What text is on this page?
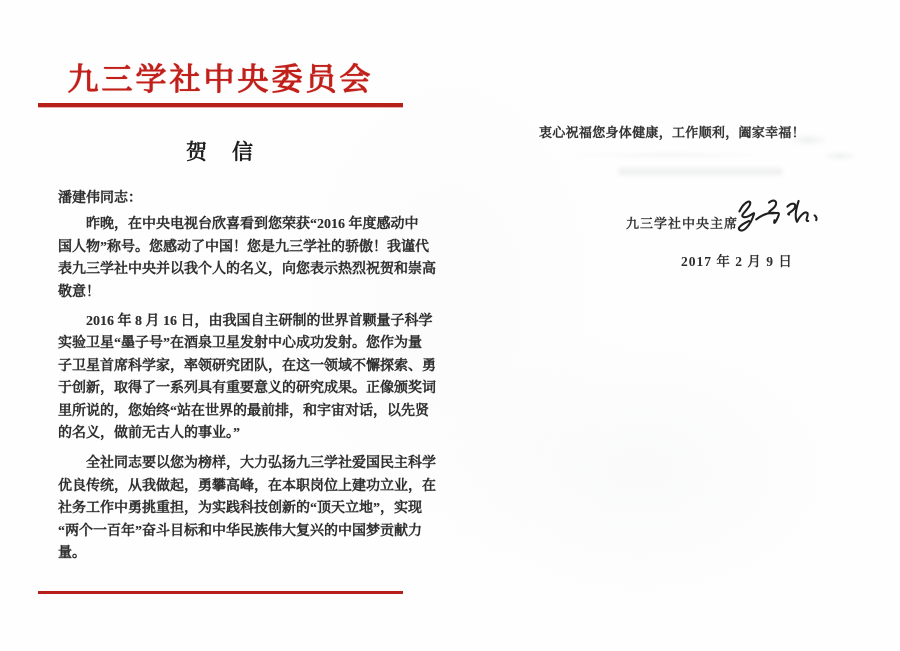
九三学社中央委员会
贺　信
潘建伟同志：
昨晚，在中央电视台欣喜看到您荣获“2016 年度感动中
国人物”称号。您感动了中国！您是九三学社的骄傲！我谨代
表九三学社中央并以我个人的名义，向您表示热烈祝贺和崇高
敬意！
2016 年 8 月 16 日，由我国自主研制的世界首颗量子科学
实验卫星“墨子号”在酒泉卫星发射中心成功发射。您作为量
子卫星首席科学家，率领研究团队，在这一领域不懈探索、勇
于创新，取得了一系列具有重要意义的研究成果。正像颁奖词
里所说的，您始终“站在世界的最前排，和宇宙对话，以先贤
的名义，做前无古人的事业。”
全社同志要以您为榜样，大力弘扬九三学社爱国民主科学
优良传统，从我做起，勇攀高峰，在本职岗位上建功立业，在
社务工作中勇挑重担，为实践科技创新的“顶天立地”，实现
“两个一百年”奋斗目标和中华民族伟大复兴的中国梦贡献力
量。
衷心祝福您身体健康，工作顺利，阖家幸福！
九三学社中央主席
2017 年 2 月 9 日
